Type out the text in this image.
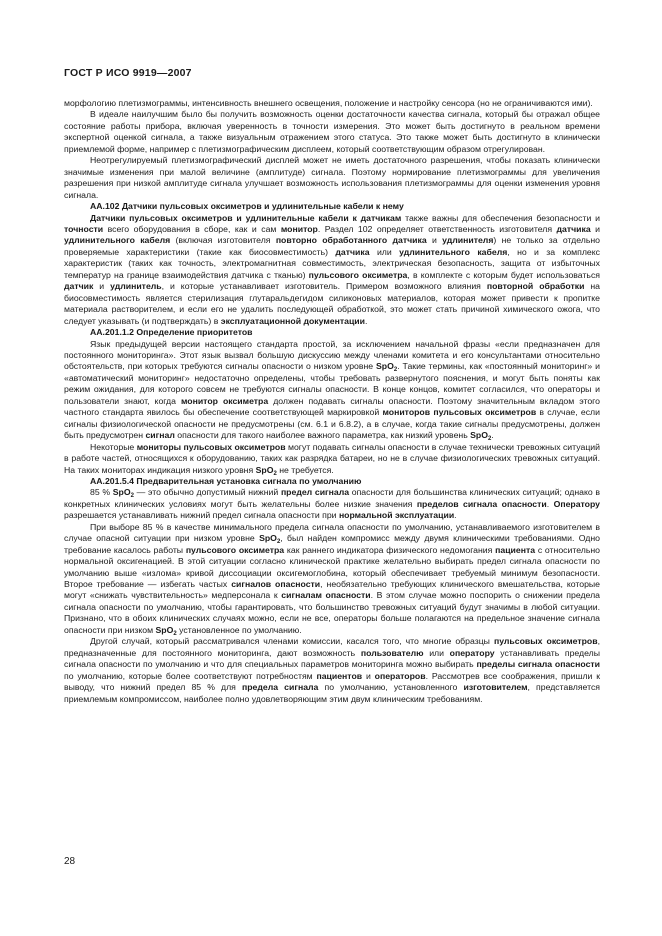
ГОСТ Р ИСО 9919—2007

морфологию плетизмограммы, интенсивность внешнего освещения, положение и настройку сенсора (но не ограничиваются ими).

В идеале наилучшим было бы получить возможность оценки достаточности качества сигнала, который бы отражал общее состояние работы прибора, включая уверенность в точности измерения. Это может быть достигнуто в реальном времени экспертной оценкой сигнала, а также визуальным отражением этого статуса. Это также может быть достигнуто в клинически приемлемой форме, например с плетизмографическим дисплеем, который соответствующим образом отрегулирован.

Неотрегулируемый плетизмографический дисплей может не иметь достаточного разрешения, чтобы показать клинически значимые изменения при малой величине (амплитуде) сигнала. Поэтому нормирование плетизмограммы для увеличения разрешения при низкой амплитуде сигнала улучшает возможность использования плетизмограммы для оценки изменения уровня сигнала.

AA.102 Датчики пульсовых оксиметров и удлинительные кабели к нему

Датчики пульсовых оксиметров и удлинительные кабели к датчикам также важны для обеспечения безопасности и точности всего оборудования в сборе, как и сам монитор. Раздел 102 определяет ответственность изготовителя датчика и удлинительного кабеля (включая изготовителя повторно обработанного датчика и удлинителя) не только за отдельно проверяемые характеристики (такие как биосовместимость) датчика или удлинительного кабеля, но и за комплекс характеристик (таких как точность, электромагнитная совместимость, электрическая безопасность, защита от избыточных температур на границе взаимодействия датчика с тканью) пульсового оксиметра, в комплекте с которым будет использоваться датчик и удлинитель, и которые устанавливает изготовитель. Примером возможного влияния повторной обработки на биосовместимость является стерилизация глутаральдегидом силиконовых материалов, которая может привести к пропитке материала растворителем, и если его не удалить последующей обработкой, это может стать причиной химического ожога, что следует указывать (и подтверждать) в эксплуатационной документации.

AA.201.1.2 Определение приоритетов

Язык предыдущей версии настоящего стандарта простой, за исключением начальной фразы «если предназначен для постоянного мониторинга». Этот язык вызвал большую дискуссию между членами комитета и его консультантами относительно обстоятельств, при которых требуются сигналы опасности о низком уровне SpO$_2$. Такие термины, как «постоянный мониторинг» и «автоматический мониторинг» недостаточно определены, чтобы требовать развернутого пояснения, и могут быть поняты как режим ожидания, для которого совсем не требуются сигналы опасности. В конце концов, комитет согласился, что операторы и пользователи знают, когда монитор оксиметра должен подавать сигналы опасности. Поэтому значительным вкладом этого частного стандарта явилось бы обеспечение соответствующей маркировкой мониторов пульсовых оксиметров в случае, если сигналы физиологической опасности не предусмотрены (см. 6.1 и 6.8.2), а в случае, когда такие сигналы предусмотрены, должен быть предусмотрен сигнал опасности для такого наиболее важного параметра, как низкий уровень SpO$_2$.

Некоторые мониторы пульсовых оксиметров могут подавать сигналы опасности в случае технически тревожных ситуаций в работе частей, относящихся к оборудованию, таких как разрядка батареи, но не в случае физиологических тревожных ситуаций. На таких мониторах индикация низкого уровня SpO$_2$ не требуется.

AA.201.5.4 Предварительная установка сигнала по умолчанию

85 % SpO$_2$ — это обычно допустимый нижний предел сигнала опасности для большинства клинических ситуаций; однако в конкретных клинических условиях могут быть желательны более низкие значения пределов сигнала опасности. Оператору разрешается устанавливать нижний предел сигнала опасности при нормальной эксплуатации.

При выборе 85 % в качестве минимального предела сигнала опасности по умолчанию, устанавливаемого изготовителем в случае опасной ситуации при низком уровне SpO$_2$, был найден компромисс между двумя клиническими требованиями. Одно требование касалось работы пульсового оксиметра как раннего индикатора физического недомогания пациента с относительно нормальной оксигенацией. В этой ситуации согласно клинической практике желательно выбирать предел сигнала опасности по умолчанию выше «излома» кривой диссоциации оксигемоглобина, который обеспечивает требуемый минимум безопасности. Второе требование — избегать частых сигналов опасности, необязательно требующих клинического вмешательства, которые могут «снижать чувствительность» медперсонала к сигналам опасности. В этом случае можно поспорить о снижении предела сигнала опасности по умолчанию, чтобы гарантировать, что большинство тревожных ситуаций будут значимы в любой ситуации. Признано, что в обоих клинических случаях можно, если не все, операторы больше полагаются на предельное значение сигнала опасности при низком SpO$_2$ установленное по умолчанию.

Другой случай, который рассматривался членами комиссии, касался того, что многие образцы пульсовых оксиметров, предназначенные для постоянного мониторинга, дают возможность пользователю или оператору устанавливать пределы сигнала опасности по умолчанию и что для специальных параметров мониторинга можно выбирать пределы сигнала опасности по умолчанию, которые более соответствуют потребностям пациентов и операторов. Рассмотрев все соображения, пришли к выводу, что нижний предел 85 % для предела сигнала по умолчанию, установленного изготовителем, представляется приемлемым компромиссом, наиболее полно удовлетворяющим этим двум клиническим требованиям.

28
